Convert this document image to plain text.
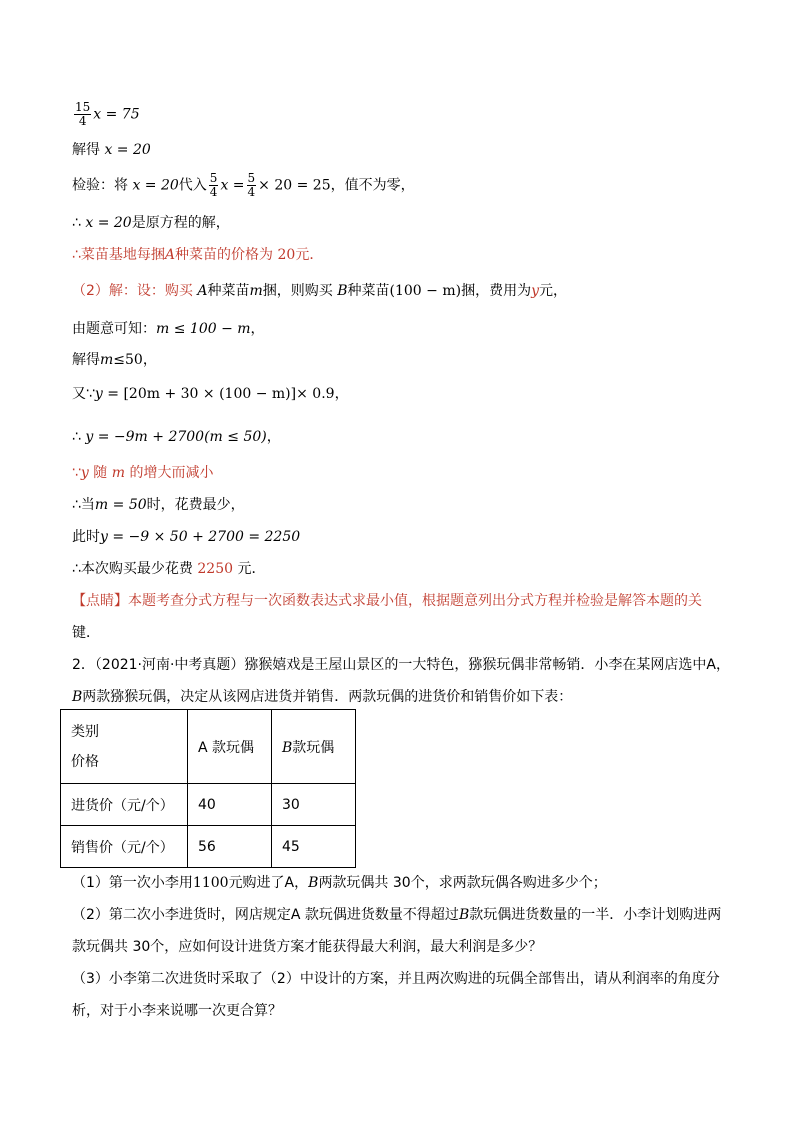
$\frac{15}{4}$ x = 75
解得 x = 20
检验：将 x = 20代入 $\frac{5}{4}$ $x = \frac{5}{4} \times 20 = 25$，值不为零，
∴ x = 20是原方程的解，
∴菜苗基地每捆A种菜苗的价格为 20元．
（2）解：设：购买 A种菜苗m捆，则购买 B种菜苗(100 − m)捆，费用为y元，
由题意可知：m ≤ 100 − m，
解得m≤50，
又∵y = [20m + 30 × (100 − m)]× 0.9，
∴ y = −9m + 2700(m ≤ 50)，
∵y 随 m 的增大而减小
∴当m = 50时，花费最少，
此时y = −9 × 50 + 2700 = 2250
∴本次购买最少花费 2250 元．
【点睛】本题考查分式方程与一次函数表达式求最小值，根据题意列出分式方程并检验是解答本题的关
键．
2．（2021·河南·中考真题）猕猴嬉戏是王屋山景区的一大特色，猕猴玩偶非常畅销．小李在某网店选中A，
B两款猕猴玩偶，决定从该网店进货并销售．两款玩偶的进货价和销售价如下表：
类别
价格	A 款玩偶	B款玩偶
进货价（元/个）	40	30
销售价（元/个）	56	45
（1）第一次小李用1100元购进了A，B两款玩偶共 30个，求两款玩偶各购进多少个；
（2）第二次小李进货时，网店规定A 款玩偶进货数量不得超过B款玩偶进货数量的一半．小李计划购进两
款玩偶共 30个，应如何设计进货方案才能获得最大利润，最大利润是多少？
（3）小李第二次进货时采取了（2）中设计的方案，并且两次购进的玩偶全部售出，请从利润率的角度分
析，对于小李来说哪一次更合算？
